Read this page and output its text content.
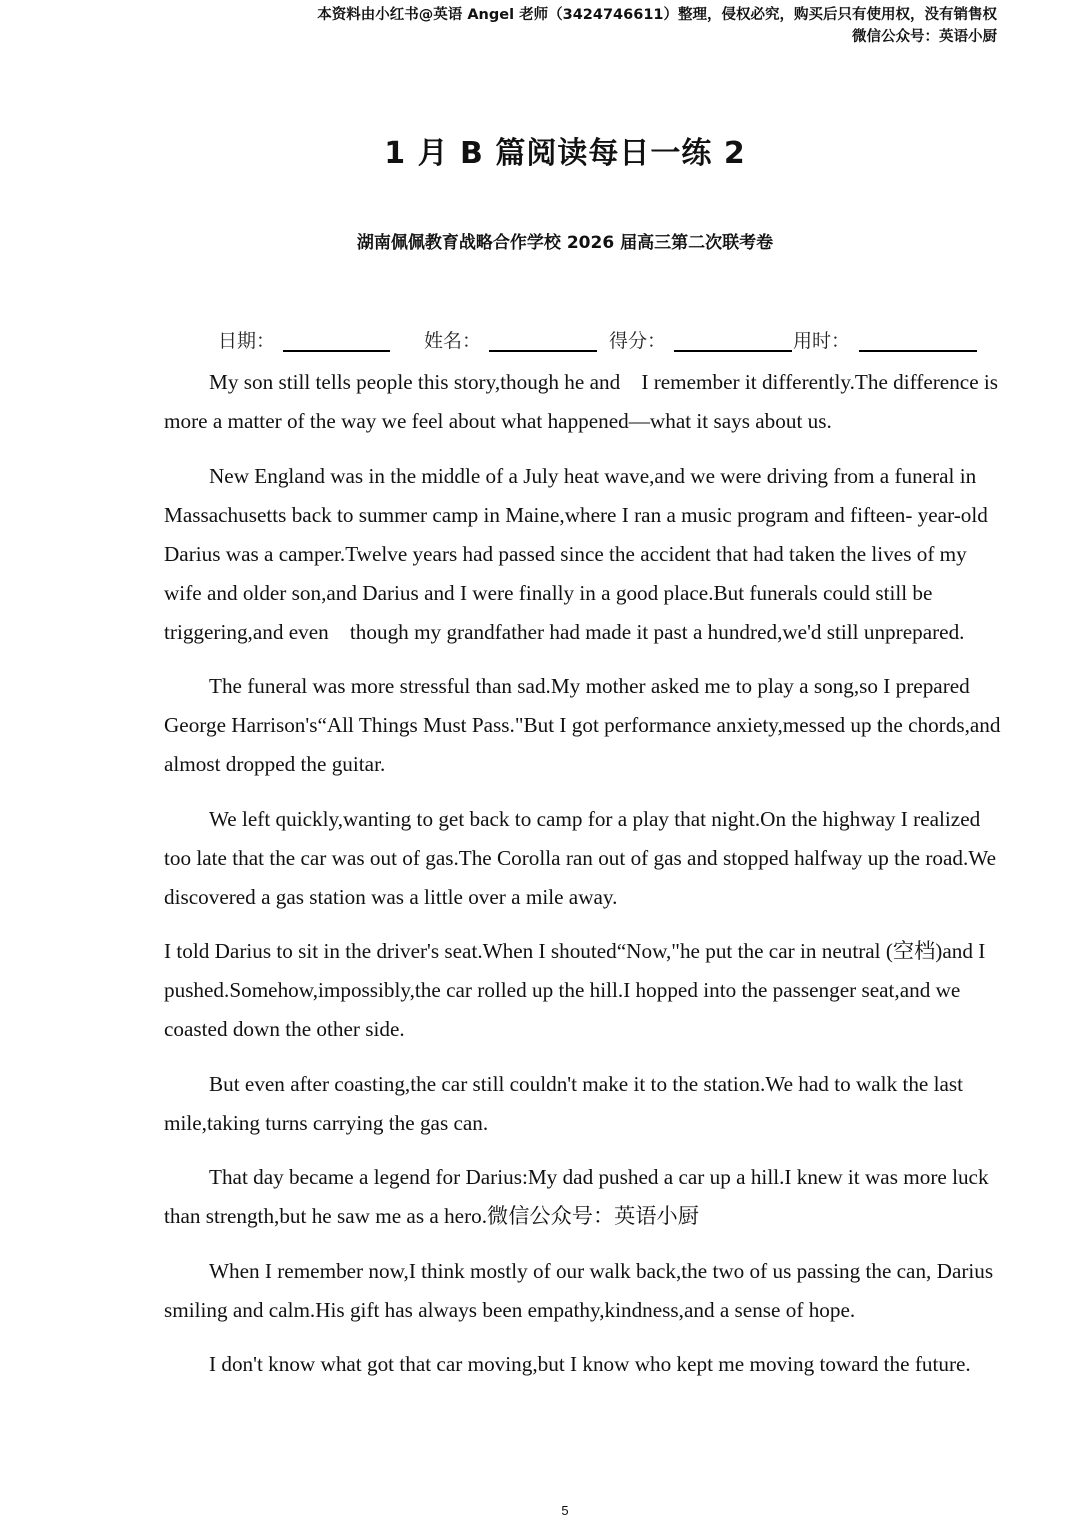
本资料由小红书@英语 Angel 老师（3424746611）整理，侵权必究，购买后只有使用权，没有销售权
微信公众号：英语小厨
1 月 B 篇阅读每日一练 2
湖南佩佩教育战略合作学校 2026 届高三第二次联考卷
日期：	姓名：	得分：	用时：

My son still tells people this story,though he and    I remember it differently.The difference is more a matter of the way we feel about what happened—what it says about us.

New England was in the middle of a July heat wave,and we were driving from a funeral in Massachusetts back to summer camp in Maine,where I ran a music program and fifteen- year-old Darius was a camper.Twelve years had passed since the accident that had taken the lives of my wife and older son,and Darius and I were finally in a good place.But funerals could still be triggering,and even    though my grandfather had made it past a hundred,we'd still unprepared.

The funeral was more stressful than sad.My mother asked me to play a song,so I prepared George Harrison's“All Things Must Pass."But I got performance anxiety,messed up the chords,and    almost dropped the guitar.

We left quickly,wanting to get back to camp for a play that night.On the highway I realized too late that the car was out of gas.The Corolla ran out of gas and stopped halfway up the road.We discovered a gas station was a little over a mile away.

I told Darius to sit in the driver's seat.When I shouted“Now,"he put the car in neutral (空档)and I pushed.Somehow,impossibly,the car rolled up the hill.I hopped into the passenger seat,and we    coasted down the other side.

But even after coasting,the car still couldn't make it to the station.We had to walk the last mile,taking turns carrying the gas can.

That day became a legend for Darius:My dad pushed a car up a hill.I knew it was more luck than strength,but he saw me as a hero.微信公众号：英语小厨

When I remember now,I think mostly of our walk back,the two of us passing the can, Darius smiling and calm.His gift has always been empathy,kindness,and a sense of hope.

I don't know what got that car moving,but I know who kept me moving toward the future.

5
